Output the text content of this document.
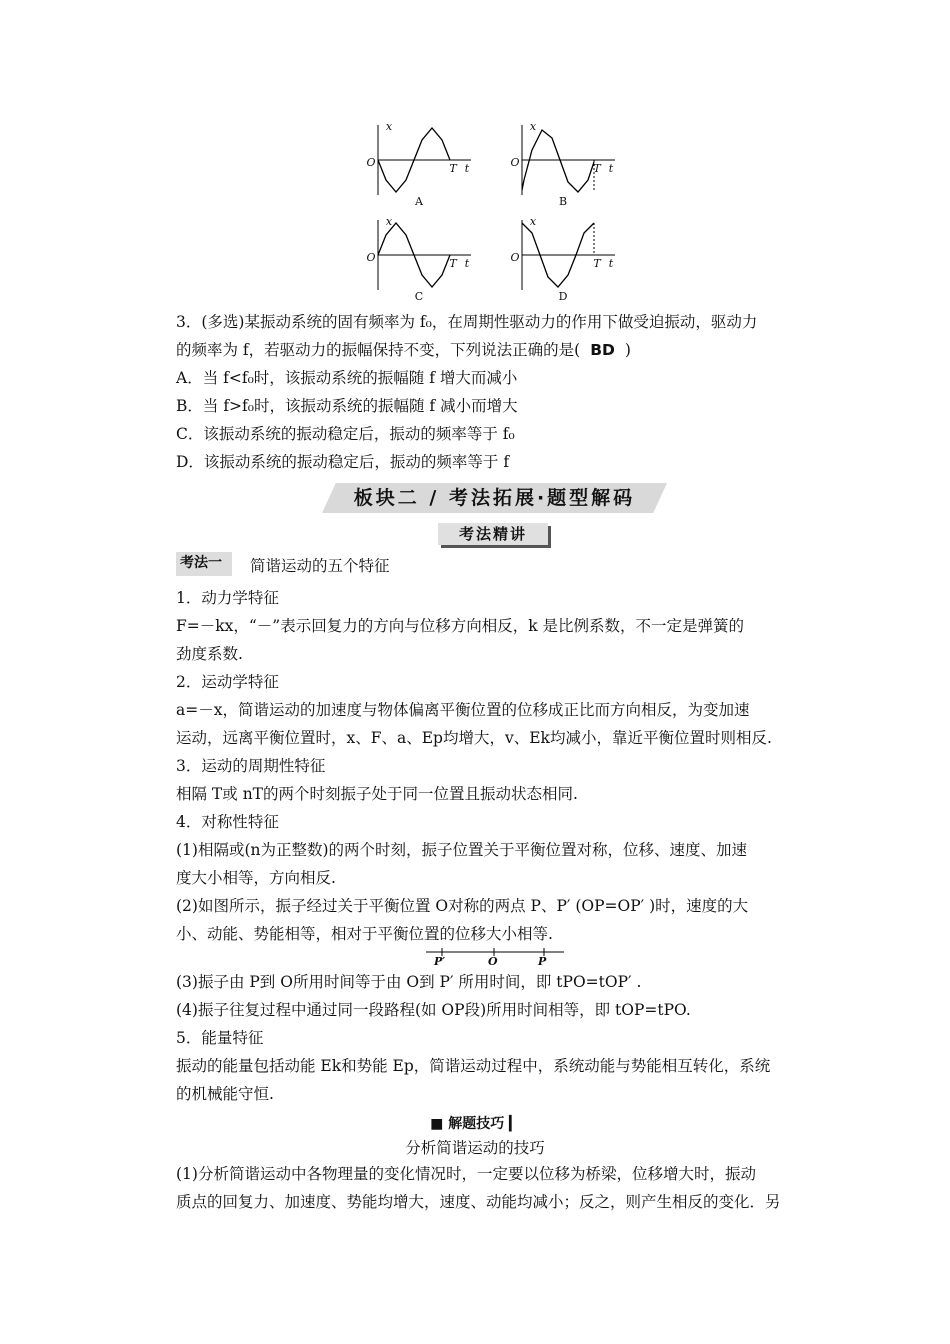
x
O	T t
A
x
O	T t
B
x
O	T t
C
x
O	T t
D
3．(多选)某振动系统的固有频率为 f₀，在周期性驱动力的作用下做受迫振动，驱动力
的频率为 f，若驱动力的振幅保持不变，下列说法正确的是( BD )
A．当 f<f₀时，该振动系统的振幅随 f 增大而减小
B．当 f>f₀时，该振动系统的振幅随 f 减小而增大
C．该振动系统的振动稳定后，振动的频率等于 f₀
D．该振动系统的振动稳定后，振动的频率等于 f
板块二 ∕ 考法拓展·题型解码
考法精讲
考法一	简谐运动的五个特征
1．动力学特征
F=－kx，“－”表示回复力的方向与位移方向相反，k 是比例系数，不一定是弹簧的
劲度系数.
2．运动学特征
a=－x，简谐运动的加速度与物体偏离平衡位置的位移成正比而方向相反，为变加速
运动，远离平衡位置时，x、F、a、Ep均增大，v、Ek均减小，靠近平衡位置时则相反.
3．运动的周期性特征
相隔 T或 nT的两个时刻振子处于同一位置且振动状态相同.
4．对称性特征
(1)相隔或(n为正整数)的两个时刻，振子位置关于平衡位置对称，位移、速度、加速
度大小相等，方向相反.
(2)如图所示，振子经过关于平衡位置 O对称的两点 P、P′ (OP=OP′ )时，速度的大
小、动能、势能相等，相对于平衡位置的位移大小相等.
P′	O	P
(3)振子由 P到 O所用时间等于由 O到 P′ 所用时间，即 tPO=tOP′ .
(4)振子往复过程中通过同一段路程(如 OP段)所用时间相等，即 tOP=tPO.
5．能量特征
振动的能量包括动能 Ek和势能 Ep，简谐运动过程中，系统动能与势能相互转化，系统
的机械能守恒.
■ 解题技巧 ▎
分析简谐运动的技巧
(1)分析简谐运动中各物理量的变化情况时，一定要以位移为桥梁，位移增大时，振动
质点的回复力、加速度、势能均增大，速度、动能均减小；反之，则产生相反的变化．另
